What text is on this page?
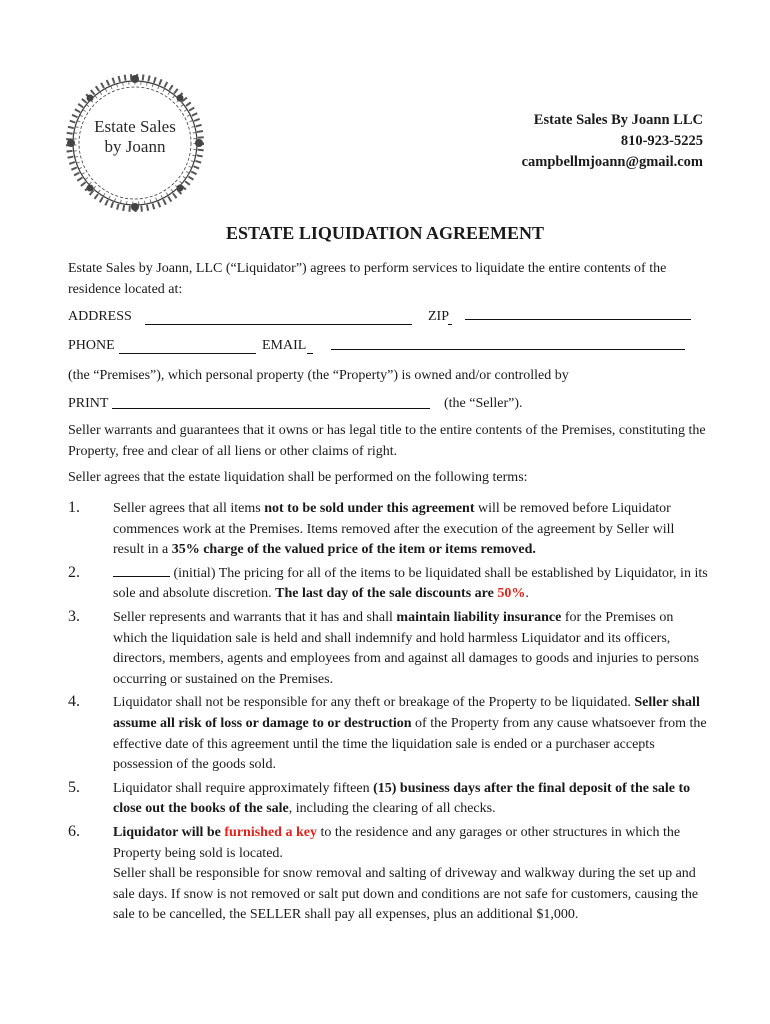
Estate Sales
by Joann
Estate Sales By Joann LLC
810-923-5225
campbellmjoann@gmail.com
ESTATE LIQUIDATION AGREEMENT
Estate Sales by Joann, LLC (“Liquidator”) agrees to perform services to liquidate the entire contents of the residence located at:
ADDRESS	ZIP
PHONE	EMAIL
(the “Premises”), which personal property (the “Property”) is owned and/or controlled by
PRINT	(the “Seller”).
Seller warrants and guarantees that it owns or has legal title to the entire contents of the Premises, constituting the Property, free and clear of all liens or other claims of right.
Seller agrees that the estate liquidation shall be performed on the following terms:
1. Seller agrees that all items not to be sold under this agreement will be removed before Liquidator commences work at the Premises. Items removed after the execution of the agreement by Seller will result in a 35% charge of the valued price of the item or items removed.
2.	(initial) The pricing for all of the items to be liquidated shall be established by Liquidator, in its sole and absolute discretion. The last day of the sale discounts are 50%.
3. Seller represents and warrants that it has and shall maintain liability insurance for the Premises on which the liquidation sale is held and shall indemnify and hold harmless Liquidator and its officers, directors, members, agents and employees from and against all damages to goods and injuries to persons occurring or sustained on the Premises.
4. Liquidator shall not be responsible for any theft or breakage of the Property to be liquidated. Seller shall assume all risk of loss or damage to or destruction of the Property from any cause whatsoever from the effective date of this agreement until the time the liquidation sale is ended or a purchaser accepts possession of the goods sold.
5. Liquidator shall require approximately fifteen (15) business days after the final deposit of the sale to close out the books of the sale, including the clearing of all checks.
6. Liquidator will be furnished a key to the residence and any garages or other structures in which the Property being sold is located.
Seller shall be responsible for snow removal and salting of driveway and walkway during the set up and sale days. If snow is not removed or salt put down and conditions are not safe for customers, causing the sale to be cancelled, the SELLER shall pay all expenses, plus an additional $1,000.
